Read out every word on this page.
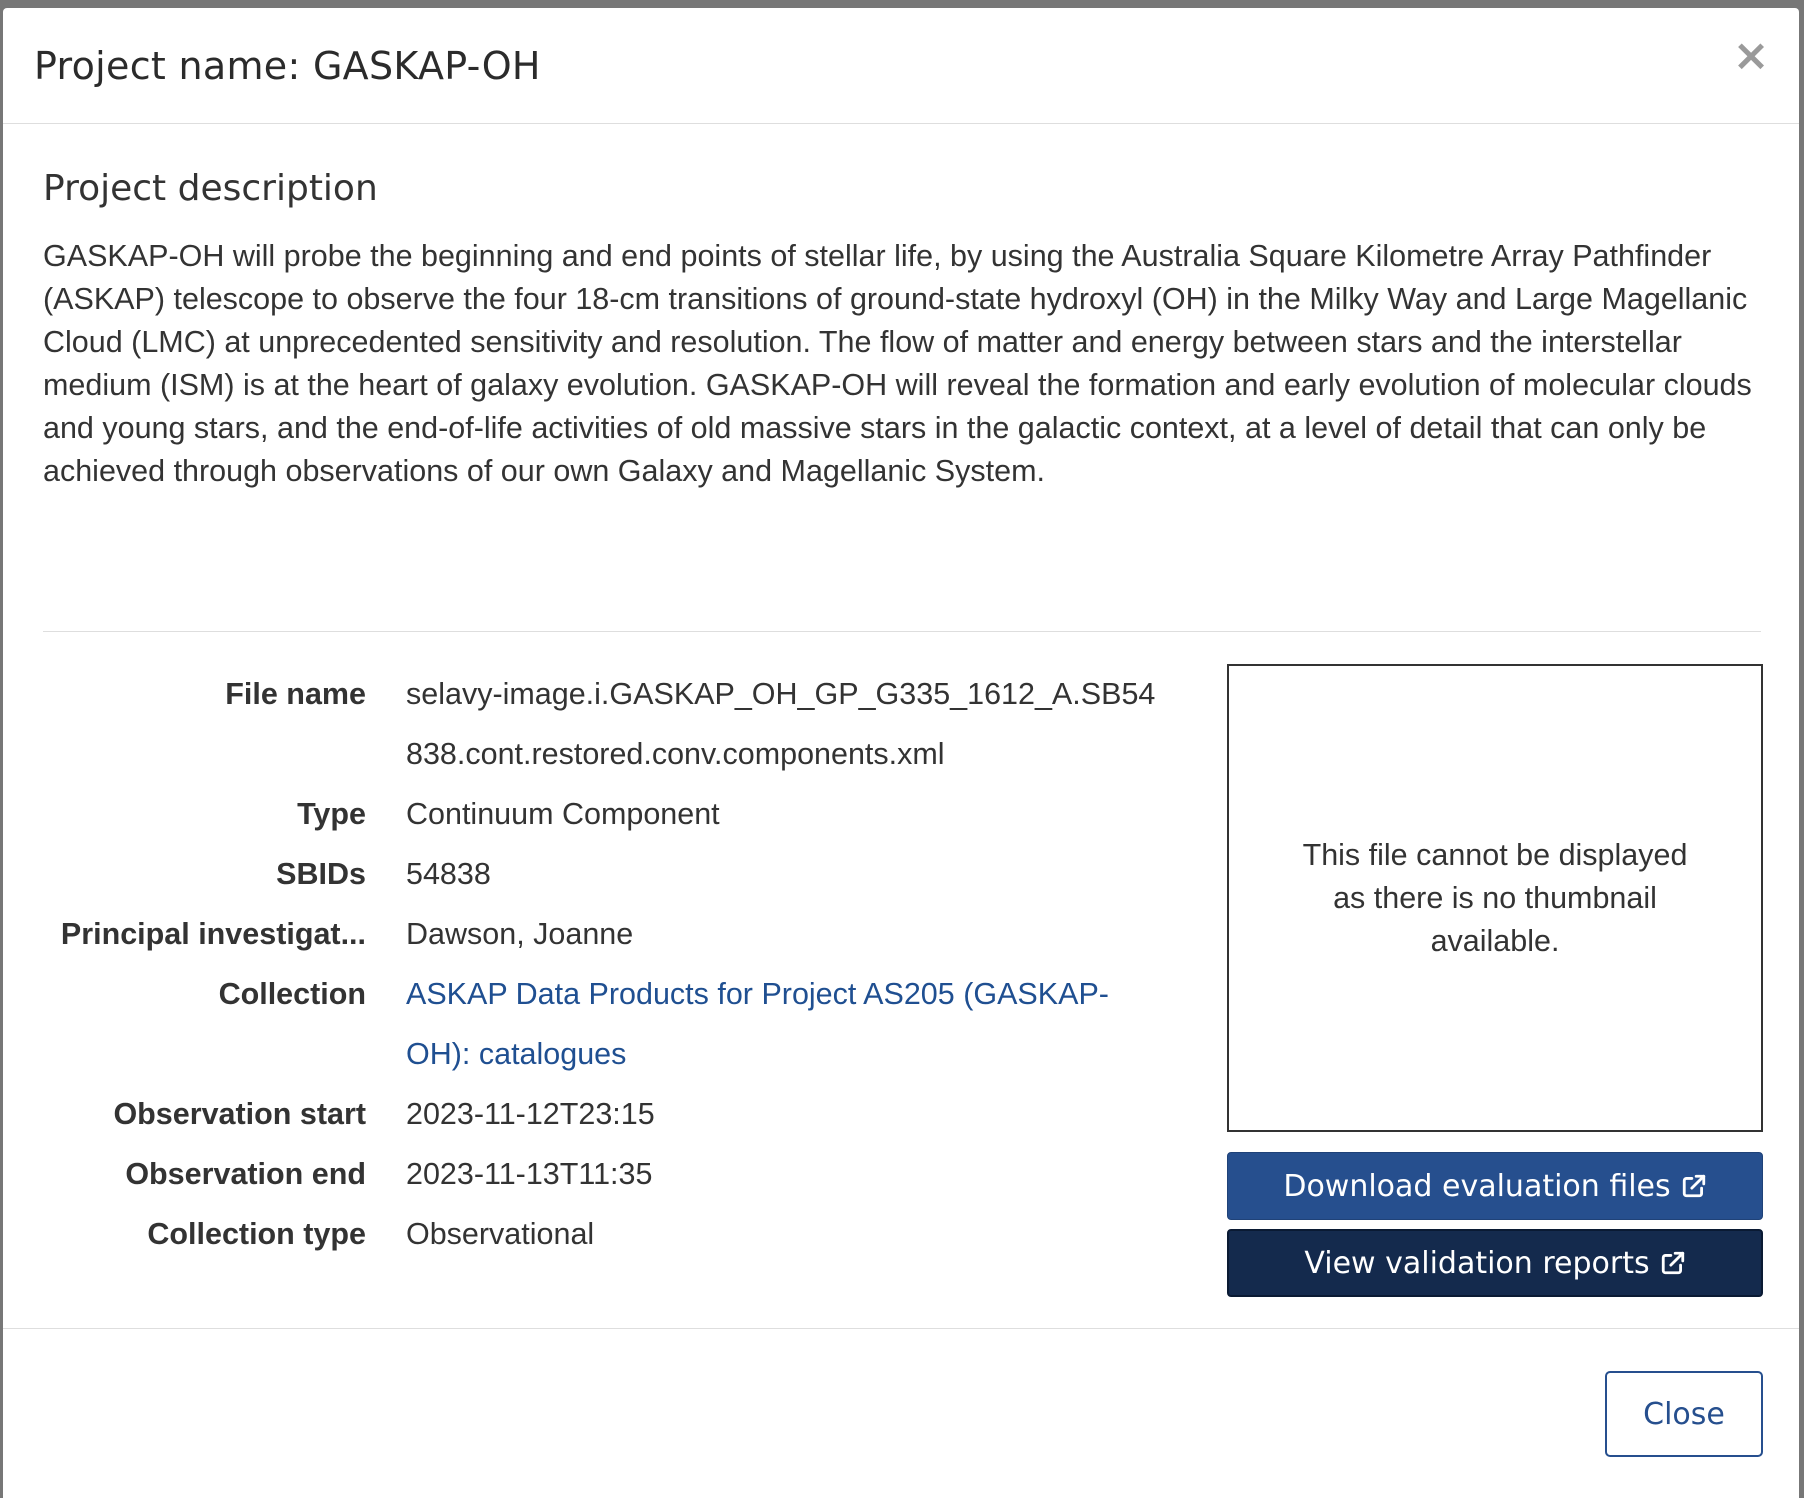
Project name: GASKAP-OH	×
Project description

GASKAP-OH will probe the beginning and end points of stellar life, by using the Australia Square Kilometre Array Pathfinder (ASKAP) telescope to observe the four 18-cm transitions of ground-state hydroxyl (OH) in the Milky Way and Large Magellanic Cloud (LMC) at unprecedented sensitivity and resolution. The flow of matter and energy between stars and the interstellar medium (ISM) is at the heart of galaxy evolution. GASKAP-OH will reveal the formation and early evolution of molecular clouds and young stars, and the end-of-life activities of old massive stars in the galactic context, at a level of detail that can only be achieved through observations of our own Galaxy and Magellanic System.

File name selavy-image.i.GASKAP_OH_GP_G335_1612_A.SB54838.cont.restored.conv.components.xml
Type Continuum Component
SBIDs 54838
Principal investigat... Dawson, Joanne
Collection ASKAP Data Products for Project AS205 (GASKAP-OH): catalogues
Observation start 2023-11-12T23:15
Observation end 2023-11-13T11:35
Collection type Observational
This file cannot be displayed as there is no thumbnail available.
Download evaluation files
View validation reports
Close
